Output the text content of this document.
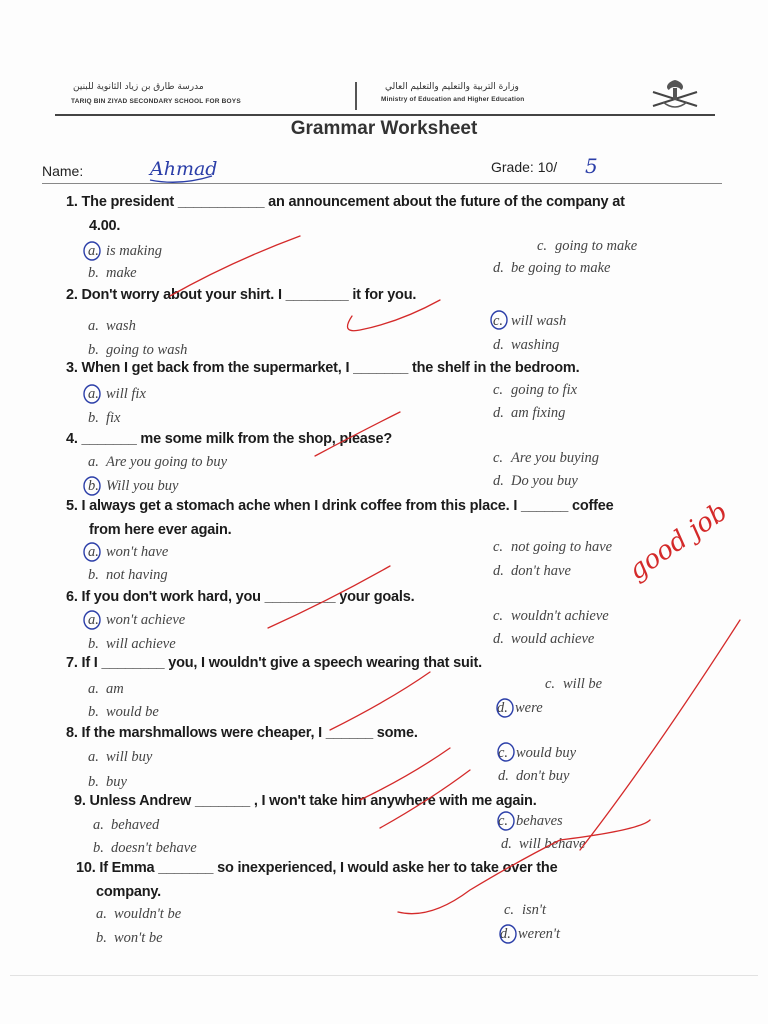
مدرسة طارق بن زياد الثانوية للبنين
TARIQ BIN ZIYAD SECONDARY SCHOOL FOR BOYS
وزارة التربية والتعليم والتعليم العالي
Ministry of Education and Higher Education
Grammar Worksheet
Name:	Ahmad	Grade: 10/ 5
1. The president ___________ an announcement about the future of the company at
4.00.
a. is making
b. make
c. going to make
d. be going to make
2. Don't worry about your shirt. I ________ it for you.
a. wash
b. going to wash
c. will wash
d. washing
3. When I get back from the supermarket, I _______ the shelf in the bedroom.
a. will fix
b. fix
c. going to fix
d. am fixing
4. _______ me some milk from the shop, please?
a. Are you going to buy
b. Will you buy
c. Are you buying
d. Do you buy
5. I always get a stomach ache when I drink coffee from this place. I ______ coffee
from here ever again.
a. won't have
b. not having
c. not going to have
d. don't have
6. If you don't work hard, you _________ your goals.
a. won't achieve
b. will achieve
c. wouldn't achieve
d. would achieve
7. If I ________ you, I wouldn't give a speech wearing that suit.
a. am
b. would be
c. will be
d. were
8. If the marshmallows were cheaper, I ______ some.
a. will buy
b. buy
c. would buy
d. don't buy
9. Unless Andrew _______ , I won't take him anywhere with me again.
a. behaved
b. doesn't behave
c. behaves
d. will behave
10. If Emma _______ so inexperienced, I would aske her to take over the
company.
a. wouldn't be
b. won't be
c. isn't
d. weren't
good job
